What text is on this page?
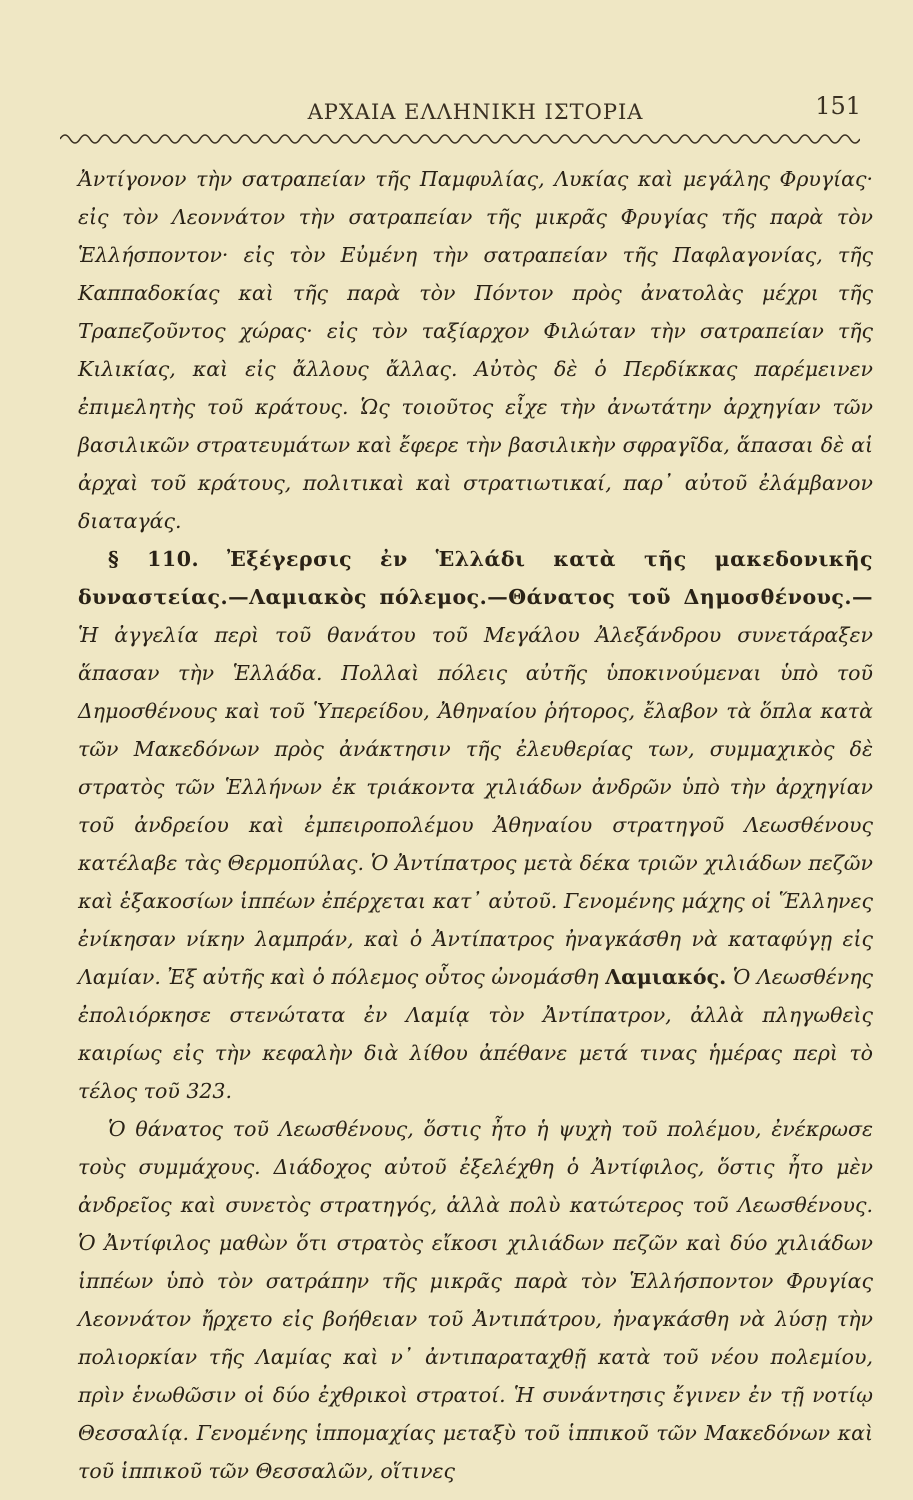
ΑΡΧΑΙΑ ΕΛΛΗΝΙΚΗ ΙΣΤΟΡΙΑ	151

Ἀντίγονον τὴν σατραπείαν τῆς Παμφυλίας, Λυκίας καὶ μεγάλης Φρυγίας· εἰς τὸν Λεοννάτον τὴν σατραπείαν τῆς μικρᾶς Φρυγίας τῆς παρὰ τὸν Ἑλλήσποντον· εἰς τὸν Εὐμένη τὴν σατραπείαν τῆς Παφλαγονίας, τῆς Καππαδοκίας καὶ τῆς παρὰ τὸν Πόντον πρὸς ἀνατολὰς μέχρι τῆς Τραπεζοῦντος χώρας· εἰς τὸν ταξίαρχον Φιλώταν τὴν σατραπείαν τῆς Κιλικίας, καὶ εἰς ἄλλους ἄλλας. Αὐτὸς δὲ ὁ Περδίκκας παρέμεινεν ἐπιμελητὴς τοῦ κράτους. Ὡς τοιοῦτος εἶχε τὴν ἀνωτάτην ἀρχηγίαν τῶν βασιλικῶν στρατευμάτων καὶ ἔφερε τὴν βασιλικὴν σφραγῖδα, ἅπασαι δὲ αἱ ἀρχαὶ τοῦ κράτους, πολιτικαὶ καὶ στρατιωτικαί, παρ᾽ αὐτοῦ ἐλάμβανον διαταγάς.

§ 110. Ἐξέγερσις ἐν Ἑλλάδι κατὰ τῆς μακεδονικῆς δυναστείας.—Λαμιακὸς πόλεμος.—Θάνατος τοῦ Δημοσθένους.—Ἡ ἀγγελία περὶ τοῦ θανάτου τοῦ Μεγάλου Ἀλεξάνδρου συνετάραξεν ἅπασαν τὴν Ἑλλάδα. Πολλαὶ πόλεις αὐτῆς ὑποκινούμεναι ὑπὸ τοῦ Δημοσθένους καὶ τοῦ Ὑπερείδου, Ἀθηναίου ῥήτορος, ἔλαβον τὰ ὅπλα κατὰ τῶν Μακεδόνων πρὸς ἀνάκτησιν τῆς ἐλευθερίας των, συμμαχικὸς δὲ στρατὸς τῶν Ἑλλήνων ἐκ τριάκοντα χιλιάδων ἀνδρῶν ὑπὸ τὴν ἀρχηγίαν τοῦ ἀνδρείου καὶ ἐμπειροπολέμου Ἀθηναίου στρατηγοῦ Λεωσθένους κατέλαβε τὰς Θερμοπύλας. Ὁ Ἀντίπατρος μετὰ δέκα τριῶν χιλιάδων πεζῶν καὶ ἑξακοσίων ἱππέων ἐπέρχεται κατ᾽ αὐτοῦ. Γενομένης μάχης οἱ Ἕλληνες ἐνίκησαν νίκην λαμπράν, καὶ ὁ Ἀντίπατρος ἠναγκάσθη νὰ καταφύγῃ εἰς Λαμίαν. Ἐξ αὐτῆς καὶ ὁ πόλεμος οὗτος ὠνομάσθη Λαμιακός. Ὁ Λεωσθένης ἐπολιόρκησε στενώτατα ἐν Λαμίᾳ τὸν Ἀντίπατρον, ἀλλὰ πληγωθεὶς καιρίως εἰς τὴν κεφαλὴν διὰ λίθου ἀπέθανε μετά τινας ἡμέρας περὶ τὸ τέλος τοῦ 323.

Ὁ θάνατος τοῦ Λεωσθένους, ὅστις ἦτο ἡ ψυχὴ τοῦ πολέμου, ἐνέκρωσε τοὺς συμμάχους. Διάδοχος αὐτοῦ ἐξελέχθη ὁ Ἀντίφιλος, ὅστις ἦτο μὲν ἀνδρεῖος καὶ συνετὸς στρατηγός, ἀλλὰ πολὺ κατώτερος τοῦ Λεωσθένους. Ὁ Ἀντίφιλος μαθὼν ὅτι στρατὸς εἴκοσι χιλιάδων πεζῶν καὶ δύο χιλιάδων ἱππέων ὑπὸ τὸν σατράπην τῆς μικρᾶς παρὰ τὸν Ἑλλήσποντον Φρυγίας Λεοννάτον ἤρχετο εἰς βοήθειαν τοῦ Ἀντιπάτρου, ἠναγκάσθη νὰ λύσῃ τὴν πολιορκίαν τῆς Λαμίας καὶ ν᾽ ἀντιπαραταχθῇ κατὰ τοῦ νέου πολεμίου, πρὶν ἑνωθῶσιν οἱ δύο ἐχθρικοὶ στρατοί. Ἡ συνάντησις ἔγινεν ἐν τῇ νοτίῳ Θεσσαλίᾳ. Γενομένης ἱππομαχίας μεταξὺ τοῦ ἱππικοῦ τῶν Μακεδόνων καὶ τοῦ ἱππικοῦ τῶν Θεσσαλῶν, οἵτινες
